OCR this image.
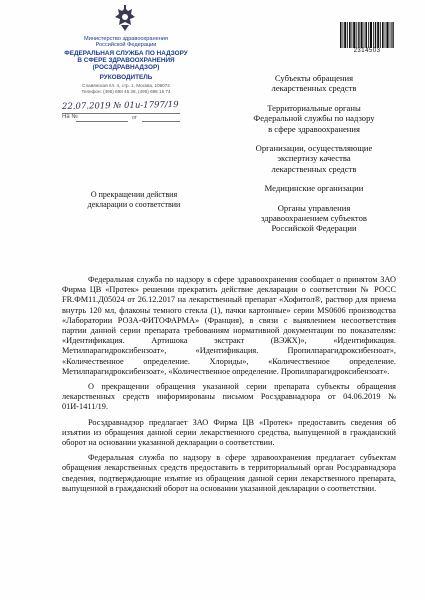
Министерство здравоохранения
Российской Федерации
ФЕДЕРАЛЬНАЯ СЛУЖБА ПО НАДЗОРУ
В СФЕРЕ ЗДРАВООХРАНЕНИЯ
(РОСЗДРАВНАДЗОР)
РУКОВОДИТЕЛЬ
Славянская пл. 4, стр. 1, Москва, 109074
Телефон: (495) 698 45 38, (495) 698 15 74
22.07.2019 № 01и-1797/19
На №	от
2314503
Субъекты обращения
лекарственных средств
Территориальные органы
Федеральной службы по надзору
в сфере здравоохранения
Организации, осуществляющие
экспертизу качества
лекарственных средств
Медицинские организации
Органы управления
здравоохранением субъектов
Российской Федерации
О прекращении действия
декларации о соответствии

Федеральная служба по надзору в сфере здравоохранения сообщает о принятом ЗАО Фирма ЦВ «Протек» решении прекратить действие декларации о соответствии № РОСС FR.ФМ11.Д05024 от 26.12.2017 на лекарственный препарат «Хофитол®, раствор для приема внутрь 120 мл, флаконы темного стекла (1), пачки картонные» серии MS0606 производства «Лаборатории РОЗА-ФИТОФАРМА» (Франция), в связи с выявлением несоответствия партии данной серии препарата требованиям нормативной документации по показателям: «Идентификация. Артишока экстракт (ВЭЖХ)», «Идентификация. Метилпарагидроксибензоат», «Идентификация. Пропилпарагидроксибензоат», «Количественное определение. Хлориды», «Количественное определение. Метилпарагидроксибензоат», «Количественное определение. Пропилпарагидроксибензоат».

О прекращении обращения указанной серии препарата субъекты обращения лекарственных средств информированы письмом Росздравнадзора от 04.06.2019 № 01И-1411/19.

Росздравнадзор предлагает ЗАО Фирма ЦВ «Протек» предоставить сведения об изъятии из обращения данной серии лекарственного средства, выпущенной в гражданский оборот на основании указанной декларации о соответствии.

Федеральная служба по надзору в сфере здравоохранения предлагает субъектам обращения лекарственных средств предоставить в территориальный орган Росздравнадзора сведения, подтверждающие изъятие из обращения данной серии лекарственного препарата, выпущенной в гражданский оборот на основании указанной декларации о соответствии.
